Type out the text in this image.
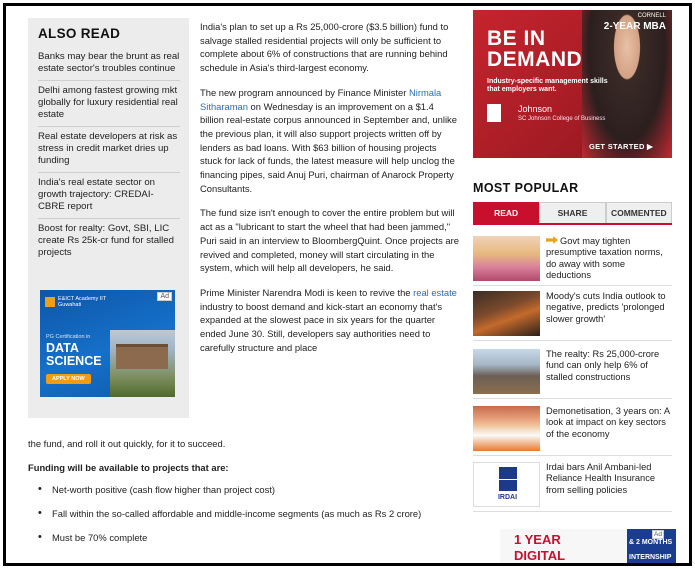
ALSO READ
Banks may bear the brunt as real estate sector's troubles continue
Delhi among fastest growing mkt globally for luxury residential real estate
Real estate developers at risk as stress in credit market dries up funding
India's real estate sector on growth trajectory: CREDAI-CBRE report
Boost for realty: Govt, SBI, LIC create Rs 25k-cr fund for stalled projects
Ad
E&ICT Academy IIT Guwahati
PG Certification in
DATA
SCIENCE
APPLY NOW

India's plan to set up a Rs 25,000-crore ($3.5 billion) fund to salvage stalled residential projects will only be sufficient to complete about 6% of constructions that are running behind schedule in Asia's third-largest economy.

The new program announced by Finance Minister Nirmala Sitharaman on Wednesday is an improvement on a $1.4 billion real-estate corpus announced in September and, unlike the previous plan, it will also support projects written off by lenders as bad loans. With $63 billion of housing projects stuck for lack of funds, the latest measure will help unclog the financing pipes, said Anuj Puri, chairman of Anarock Property Consultants.

The fund size isn't enough to cover the entire problem but will act as a "lubricant to start the wheel that had been jammed," Puri said in an interview to BloombergQuint. Once projects are revived and completed, money will start circulating in the system, which will help all developers, he said.

Prime Minister Narendra Modi is keen to revive the real estate industry to boost demand and kick-start an economy that's expanded at the slowest pace in six years for the quarter ended June 30. Still, developers say authorities need to carefully structure and place

the fund, and roll it out quickly, for it to succeed.

Funding will be available to projects that are:

• Net-worth positive (cash flow higher than project cost)
• Fall within the so-called affordable and middle-income segments (as much as Rs 2 crore)
• Must be 70% complete
CORNELL
2-YEAR MBA
BE IN
DEMAND
Industry-specific management skills that employers want.
Johnson
SC Johnson College of Business
GET STARTED ▶
MOST POPULAR
READ	SHARE	COMMENTED
Govt may tighten presumptive taxation norms, do away with some deductions
Moody's cuts India outlook to negative, predicts 'prolonged slower growth'
The realty: Rs 25,000-crore fund can only help 6% of stalled constructions
Demonetisation, 3 years on: A look at impact on key sectors of the economy
IRDAI
Irdai bars Anil Ambani-led Reliance Health Insurance from selling policies
1 YEAR
DIGITAL
& 2 MONTHS
INTERNSHIP
Ad
